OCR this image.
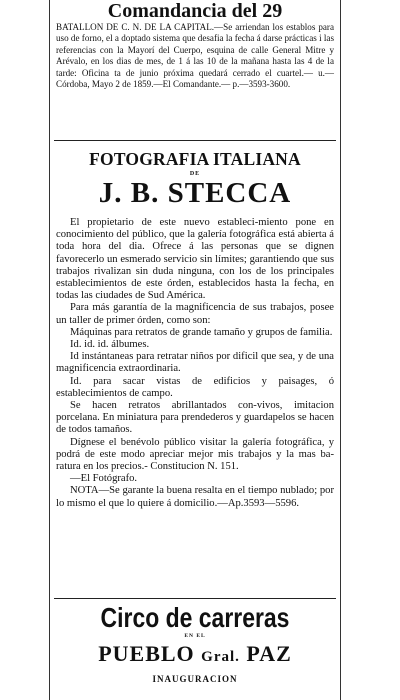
Comandancia del 29

BATALLON DE C. N. DE LA CAPITAL.—Se arriendan los establos para uso de forno, el a doptado sistema que desafia la fecha á darse prácticas i las referencias con la Mayorí del Cuerpo, esquina de calle General Mitre y Arévalo, en los dias de mes, de 1 á las 10 de la mañana hasta las 4 de la tarde: Oficina ta de junio próxima quedará cerrado el cuartel.— u.—Córdoba, Mayo 2 de 1859.—El Comandante.— p.—3593-3600.

FOTOGRAFIA ITALIANA
DE
J. B. STECCA

El propietario de este nuevo estableci-miento pone en conocimiento del público, que la galería fotográfica está abierta á toda hora del dia. Ofrece á las personas que se dignen favorecerlo un esmerado servicio sin límites; garantiendo que sus trabajos rivalizan sin duda ninguna, con los de los principales establecimientos de este órden, establecidos hasta la fecha, en todas las ciudades de Sud América.

Para más garantía de la magnificencia de sus trabajos, posee un taller de primer órden, como son:

Máquinas para retratos de grande tamaño y grupos de familia.

Id. id. id. álbumes.

Id instántaneas para retratar niños por dificil que sea, y de una magnificencia extraordinaria.

Id. para sacar vistas de edificios y paisages, ó establecimientos de campo.

Se hacen retratos abrillantados con-vivos, imitacion porcelana. En miniatura para prendederos y guardapelos se hacen de todos tamaños.

Dígnese el benévolo público visitar la galería fotográfica, y podrá de este modo apreciar mejor mis trabajos y la mas ba-ratura en los precios.- Constitucion N. 151.

—El Fotógrafo.

NOTA—Se garante la buena resalta en el tiempo nublado; por lo mismo el que lo quiere á domicilio.—Ap.3593—5596.

Circo de carreras
EN EL
PUEBLO Gral. PAZ
INAUGURACION
